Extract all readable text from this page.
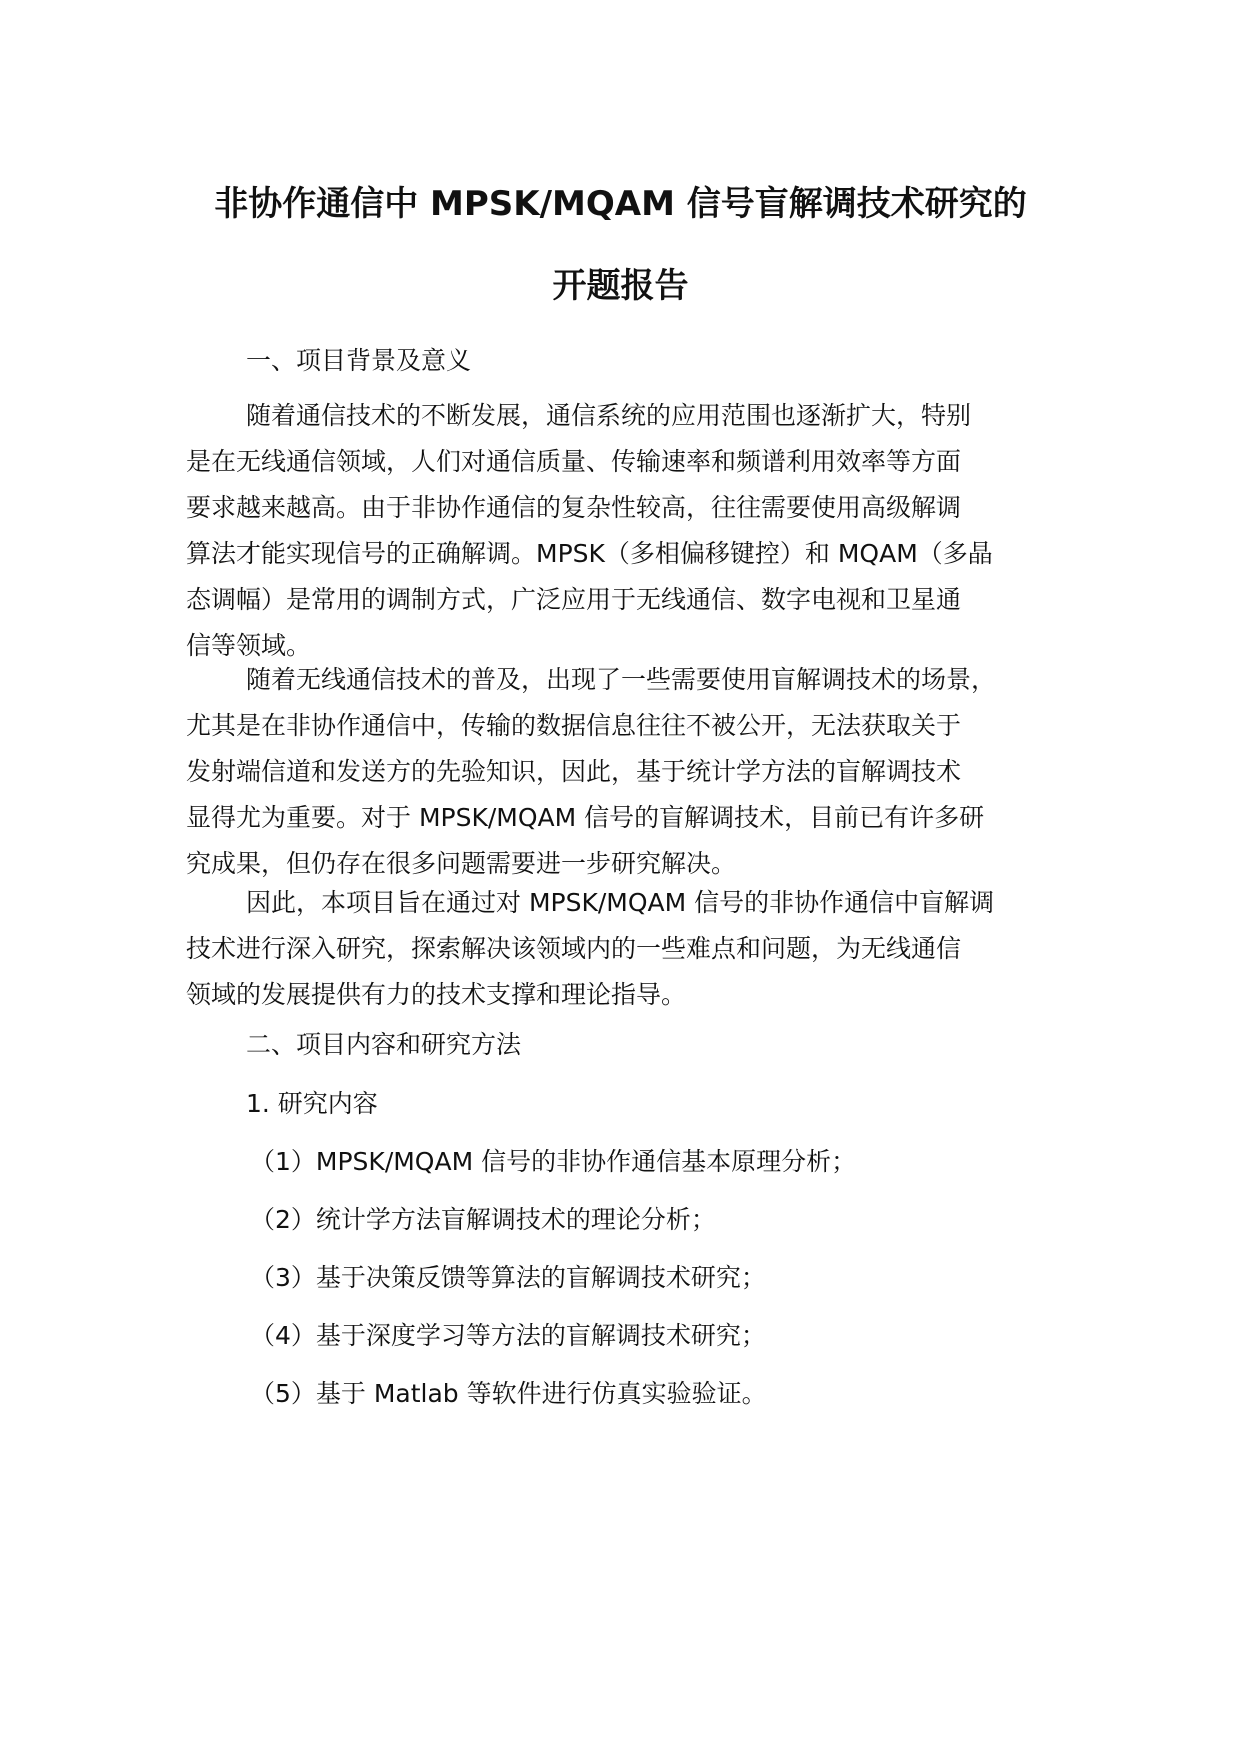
非协作通信中 MPSK/MQAM 信号盲解调技术研究的
开题报告

一、项目背景及意义

随着通信技术的不断发展，通信系统的应用范围也逐渐扩大，特别
是在无线通信领域，人们对通信质量、传输速率和频谱利用效率等方面
要求越来越高。由于非协作通信的复杂性较高，往往需要使用高级解调
算法才能实现信号的正确解调。MPSK（多相偏移键控）和 MQAM（多晶
态调幅）是常用的调制方式，广泛应用于无线通信、数字电视和卫星通
信等领域。
随着无线通信技术的普及，出现了一些需要使用盲解调技术的场景，
尤其是在非协作通信中，传输的数据信息往往不被公开，无法获取关于
发射端信道和发送方的先验知识，因此，基于统计学方法的盲解调技术
显得尤为重要。对于 MPSK/MQAM 信号的盲解调技术，目前已有许多研
究成果，但仍存在很多问题需要进一步研究解决。
因此，本项目旨在通过对 MPSK/MQAM 信号的非协作通信中盲解调
技术进行深入研究，探索解决该领域内的一些难点和问题，为无线通信
领域的发展提供有力的技术支撑和理论指导。

二、项目内容和研究方法

1. 研究内容

（1）MPSK/MQAM 信号的非协作通信基本原理分析；

（2）统计学方法盲解调技术的理论分析；

（3）基于决策反馈等算法的盲解调技术研究；

（4）基于深度学习等方法的盲解调技术研究；

（5）基于 Matlab 等软件进行仿真实验验证。
